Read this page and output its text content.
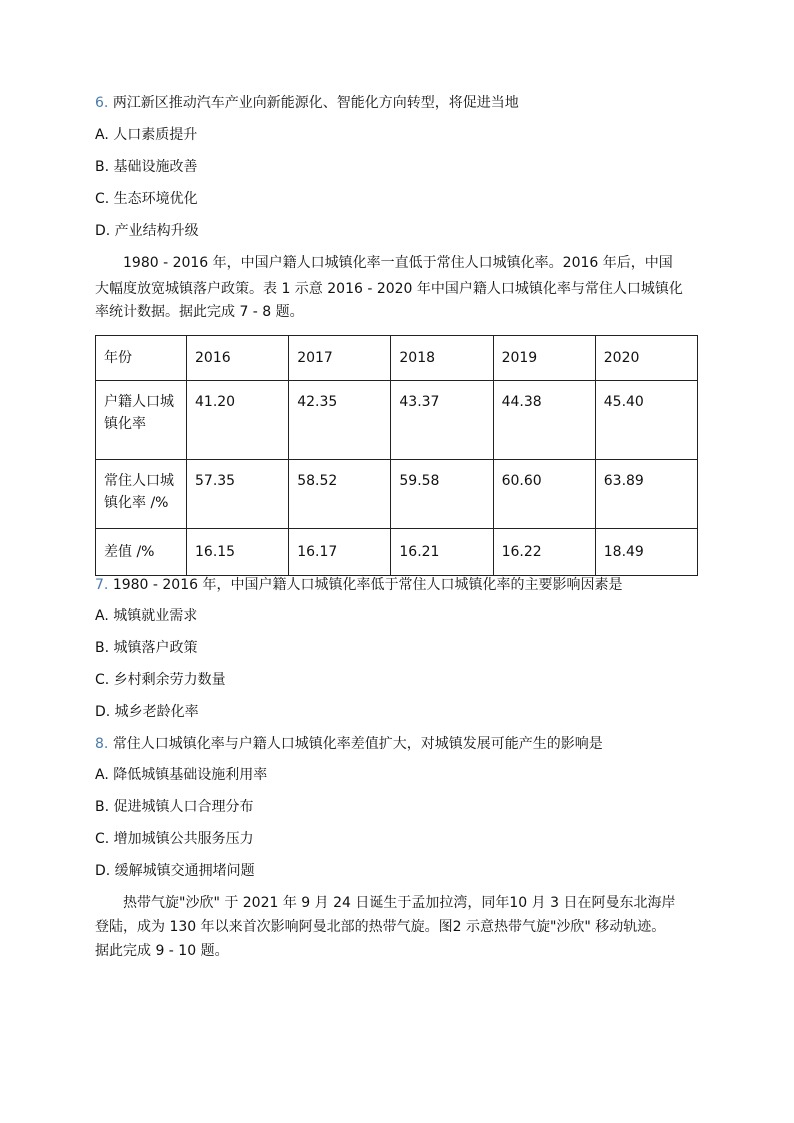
6. 两江新区推动汽车产业向新能源化、智能化方向转型，将促进当地
A. 人口素质提升
B. 基础设施改善
C. 生态环境优化
D. 产业结构升级
1980 - 2016 年，中国户籍人口城镇化率一直低于常住人口城镇化率。2016 年后，中国
大幅度放宽城镇落户政策。表 1 示意 2016 - 2020 年中国户籍人口城镇化率与常住人口城镇化
率统计数据。据此完成 7 - 8 题。
年份	2016	2017	2018	2019	2020
户籍人口城
镇化率	41.20	42.35	43.37	44.38	45.40
常住人口城
镇化率 /%	57.35	58.52	59.58	60.60	63.89
差值 /%	16.15	16.17	16.21	16.22	18.49
7. 1980 - 2016 年，中国户籍人口城镇化率低于常住人口城镇化率的主要影响因素是
A. 城镇就业需求
B. 城镇落户政策
C. 乡村剩余劳力数量
D. 城乡老龄化率
8. 常住人口城镇化率与户籍人口城镇化率差值扩大，对城镇发展可能产生的影响是
A. 降低城镇基础设施利用率
B. 促进城镇人口合理分布
C. 增加城镇公共服务压力
D. 缓解城镇交通拥堵问题
热带气旋"沙欣" 于 2021 年 9 月 24 日诞生于孟加拉湾，同年10 月 3 日在阿曼东北海岸
登陆，成为 130 年以来首次影响阿曼北部的热带气旋。图2 示意热带气旋"沙欣" 移动轨迹。
据此完成 9 - 10 题。
